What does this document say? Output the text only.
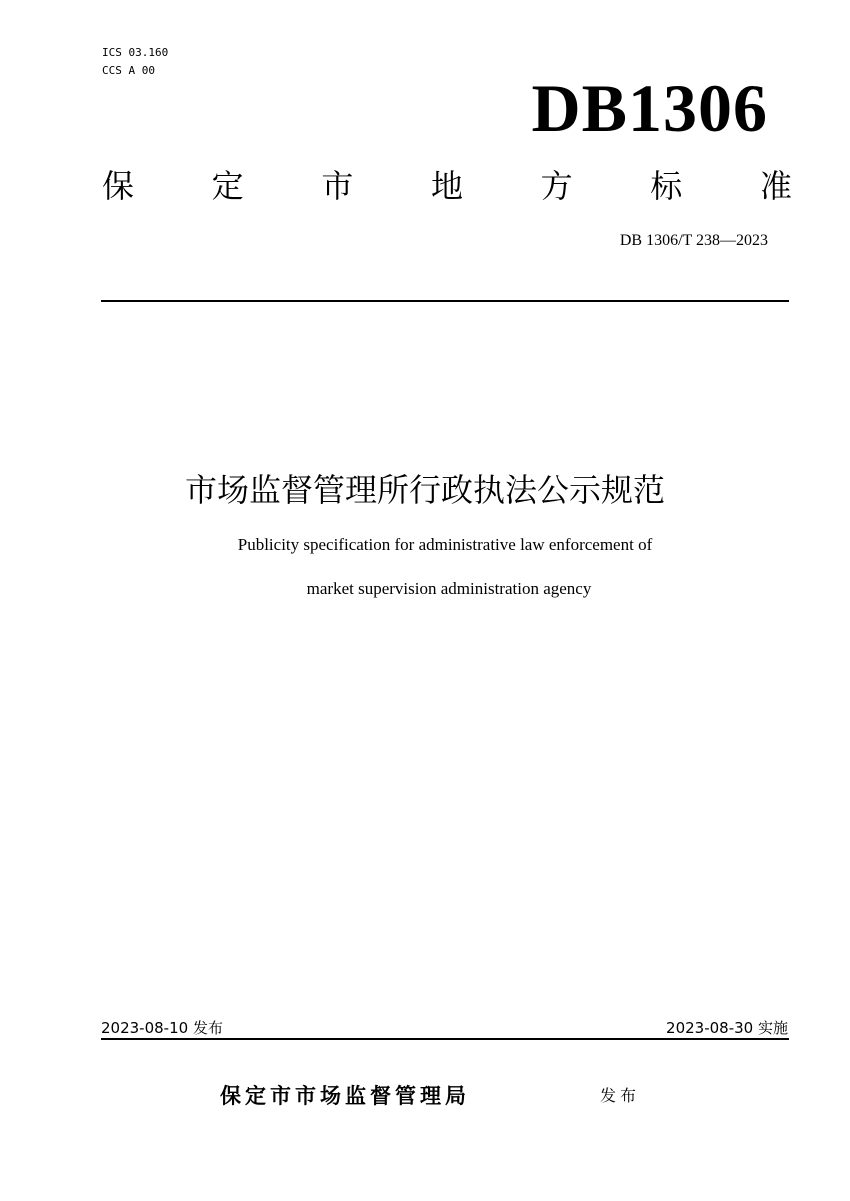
ICS 03.160
CCS A 00	DB1306
保 定 市 地 方 标 准
DB 1306/T 238—2023
市场监督管理所行政执法公示规范
Publicity specification for administrative law enforcement of
market supervision administration agency
2023-08-10 发布	2023-08-30 实施
保定市市场监督管理局	发布
